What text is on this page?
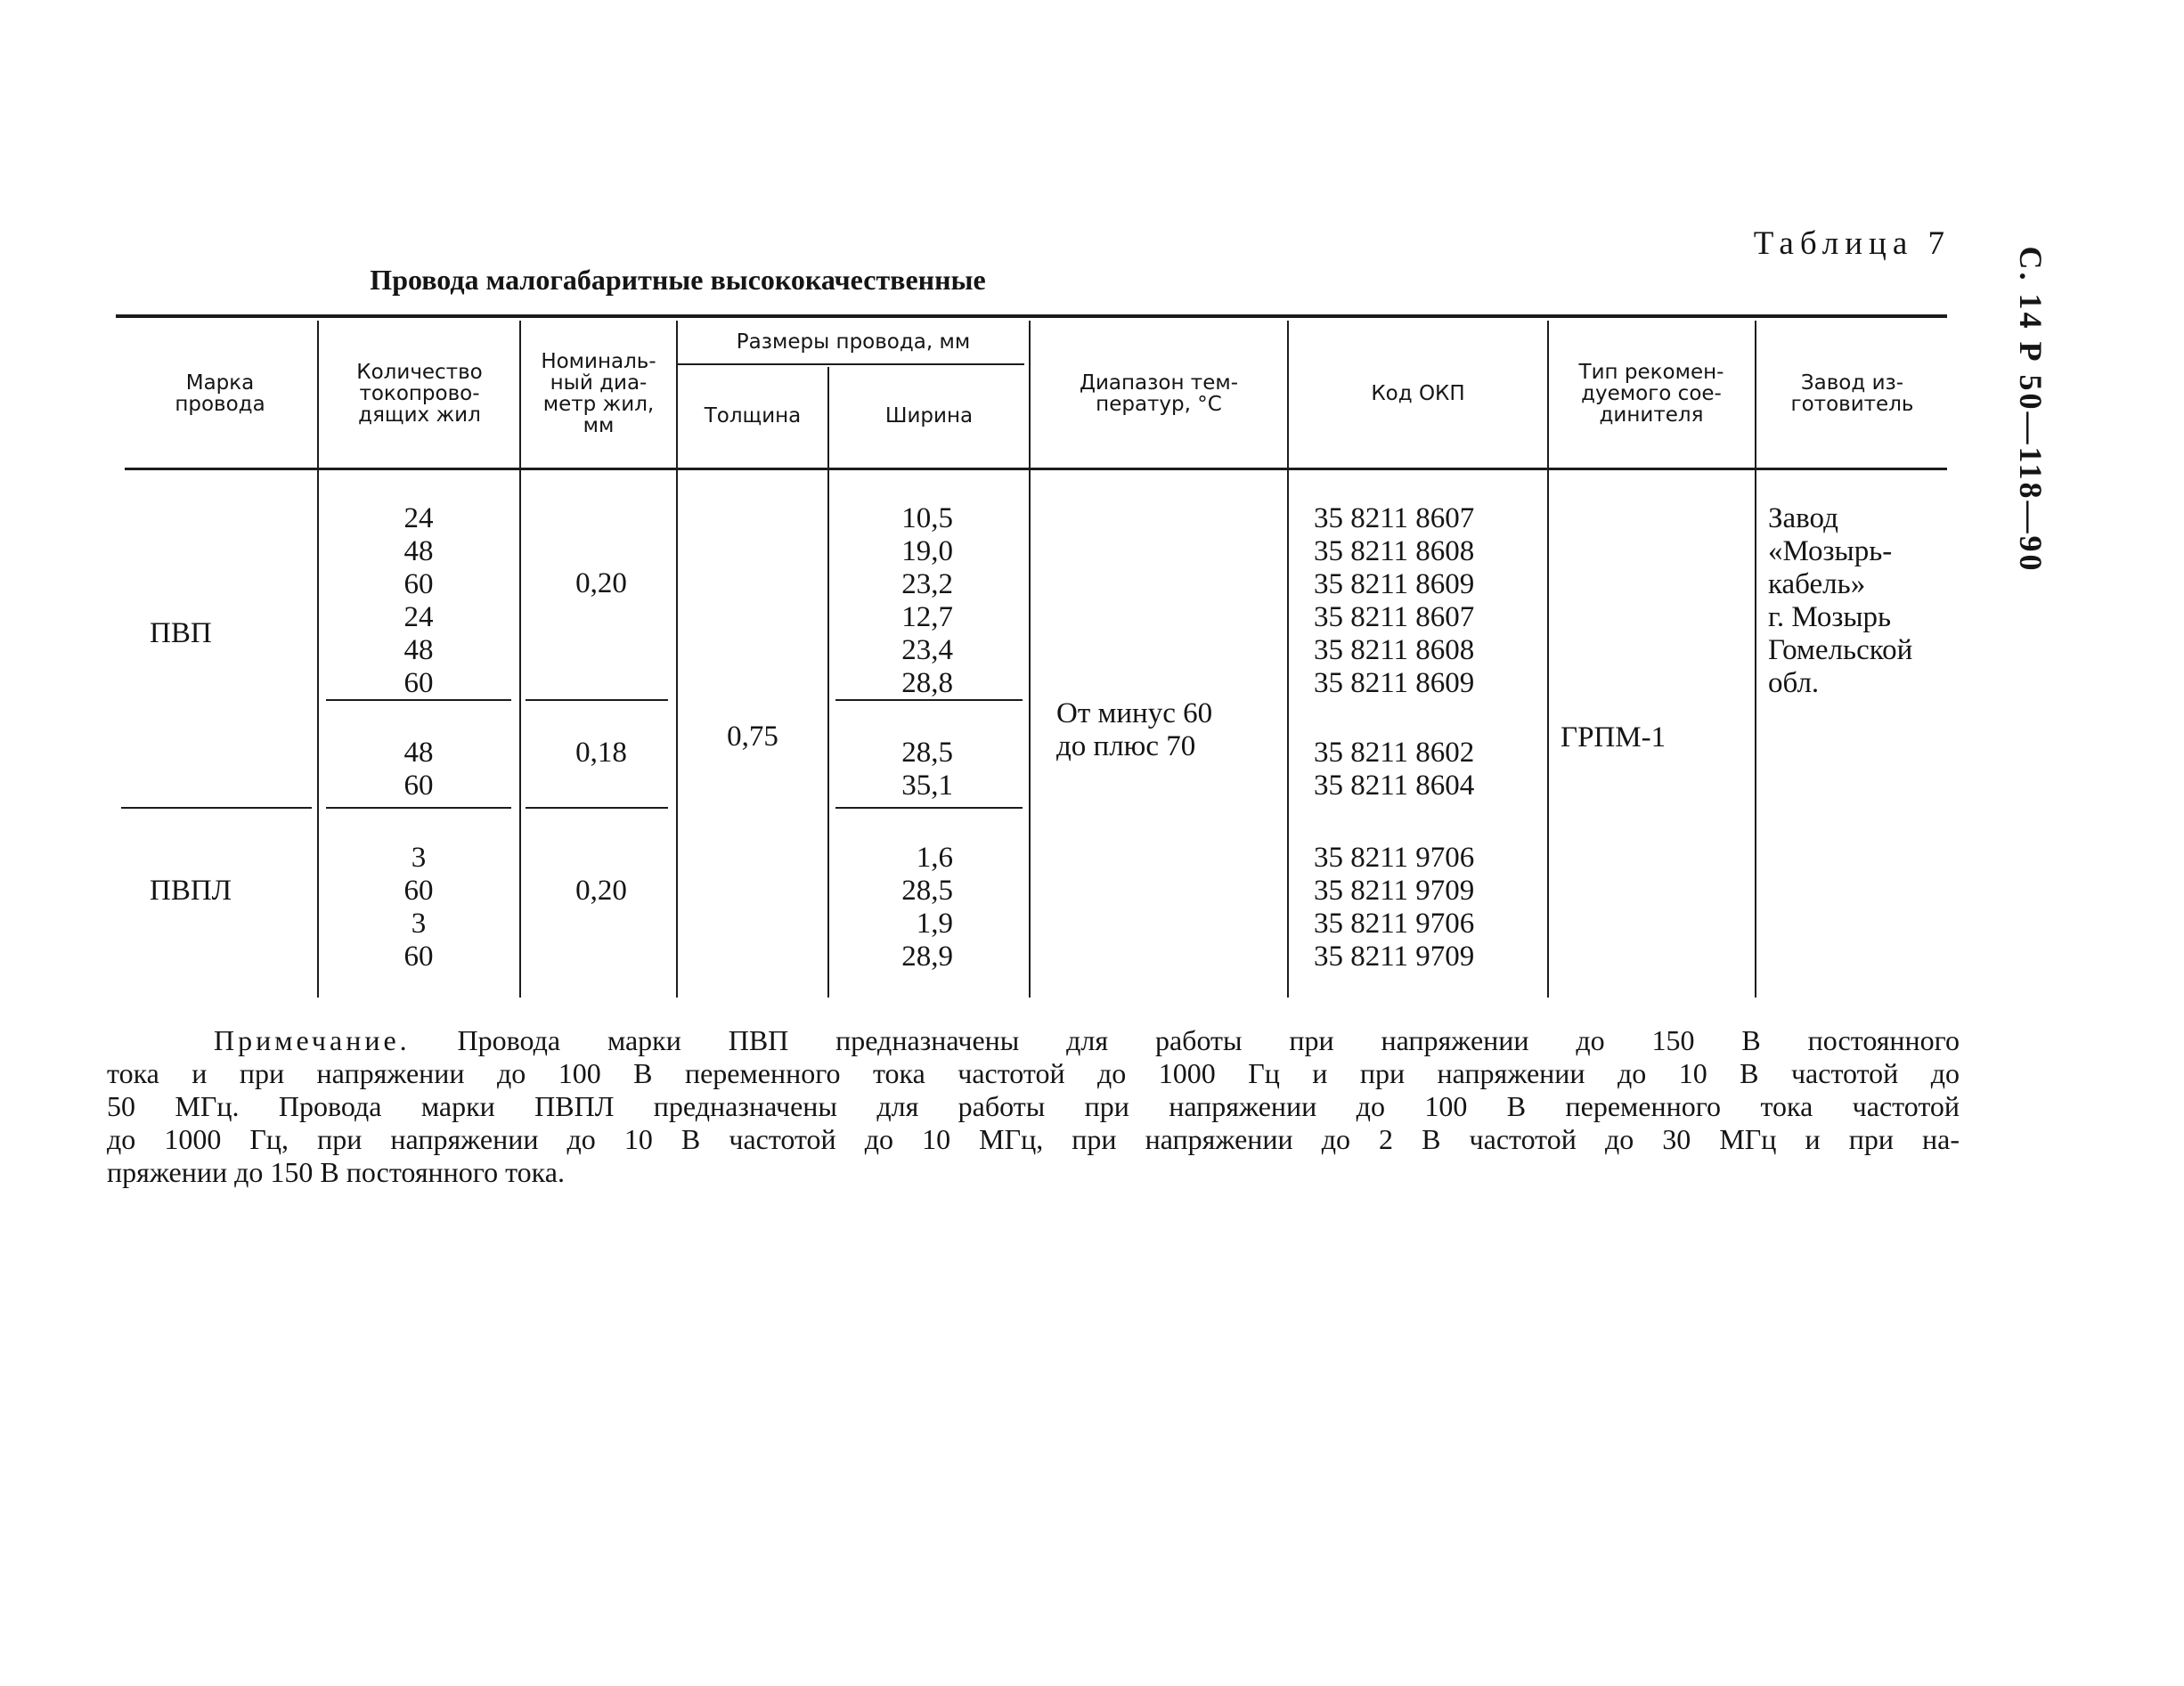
С. 14 Р 50—118—90
Таблица 7
Провода малогабаритные высококачественные
Марка
провода
Количество
токопрово-
дящих жил
Номиналь-
ный диа-
метр жил,
мм
Размеры провода, мм
Толщина	Ширина
Диапазон тем-
ператур, °С	Код ОКП
Тип рекомен-
дуемого сое-
динителя
Завод из-
готовитель
ПВП
ПВПЛ
24
48
60
24
48
60
48
60
3
60
3
60
0,20
0,18
0,20
0,75
10,5
19,0
23,2
12,7
23,4
28,8
28,5
35,1
1,6
28,5
1,9
28,9
От минус 60
до плюс 70
35 8211 8607
35 8211 8608
35 8211 8609
35 8211 8607
35 8211 8608
35 8211 8609
35 8211 8602
35 8211 8604
35 8211 9706
35 8211 9709
35 8211 9706
35 8211 9709
ГРПМ-1
Завод
«Мозырь-
кабель»
г. Мозырь
Гомельской
обл.
Примечание. Провода марки ПВП предназначены для работы при напряжении до 150 В постоянного
тока и при напряжении до 100 В переменного тока частотой до 1000 Гц и при напряжении до 10 В частотой до
50 МГц. Провода марки ПВПЛ предназначены для работы при напряжении до 100 В переменного тока частотой
до 1000 Гц, при напряжении до 10 В частотой до 10 МГц, при напряжении до 2 В частотой до 30 МГц и при на-
пряжении до 150 В постоянного тока.
